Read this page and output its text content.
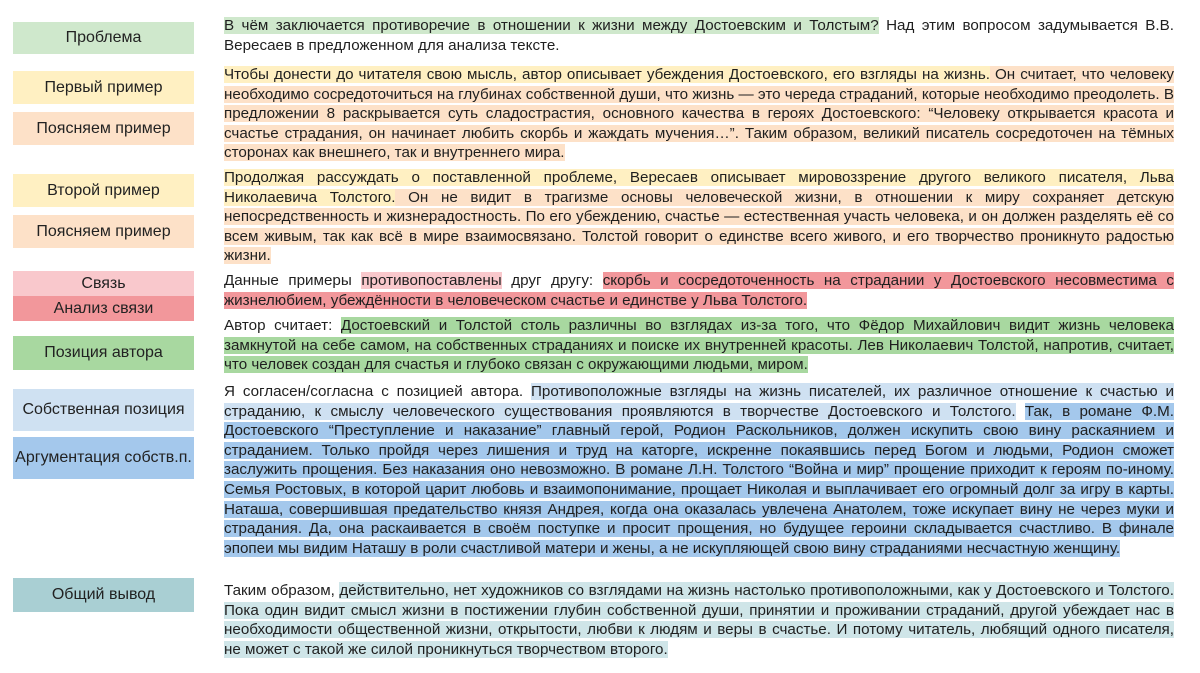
Проблема
Первый пример
Поясняем пример
Второй пример
Поясняем пример
Связь
Анализ связи
Позиция автора
Собственная позиция
Аргументация собств.п.
Общий вывод

В чём заключается противоречие в отношении к жизни между Достоевским и Толстым? Над этим вопросом задумывается В.В. Вересаев в предложенном для анализа тексте.

Чтобы донести до читателя свою мысль, автор описывает убеждения Достоевского, его взгляды на жизнь. Он считает, что человеку необходимо сосредоточиться на глубинах собственной души, что жизнь — это череда страданий, которые необходимо преодолеть. В предложении 8 раскрывается суть сладострастия, основного качества в героях Достоевского: “Человеку открывается красота и счастье страдания, он начинает любить скорбь и жаждать мучения…”. Таким образом, великий писатель сосредоточен на тёмных сторонах как внешнего, так и внутреннего мира.

Продолжая рассуждать о поставленной проблеме, Вересаев описывает мировоззрение другого великого писателя, Льва Николаевича Толстого. Он не видит в трагизме основы человеческой жизни, в отношении к миру сохраняет детскую непосредственность и жизнерадостность. По его убеждению, счастье — естественная участь человека, и он должен разделять её со всем живым, так как всё в мире взаимосвязано. Толстой говорит о единстве всего живого, и его творчество проникнуто радостью жизни.

Данные примеры противопоставлены друг другу: скорбь и сосредоточенность на страдании у Достоевского несовместима с жизнелюбием, убеждённости в человеческом счастье и единстве у Льва Толстого.

Автор считает: Достоевский и Толстой столь различны во взглядах из-за того, что Фёдор Михайлович видит жизнь человека замкнутой на себе самом, на собственных страданиях и поиске их внутренней красоты. Лев Николаевич Толстой, напротив, считает, что человек создан для счастья и глубоко связан с окружающими людьми, миром.

Я согласен/согласна с позицией автора. Противоположные взгляды на жизнь писателей, их различное отношение к счастью и страданию, к смыслу человеческого существования проявляются в творчестве Достоевского и Толстого. Так, в романе Ф.М. Достоевского “Преступление и наказание” главный герой, Родион Раскольников, должен искупить свою вину раскаянием и страданием. Только пройдя через лишения и труд на каторге, искренне покаявшись перед Богом и людьми, Родион сможет заслужить прощения. Без наказания оно невозможно. В романе Л.Н. Толстого “Война и мир” прощение приходит к героям по-иному. Семья Ростовых, в которой царит любовь и взаимопонимание, прощает Николая и выплачивает его огромный долг за игру в карты. Наташа, совершившая предательство князя Андрея, когда она оказалась увлечена Анатолем, тоже искупает вину не через муки и страдания. Да, она раскаивается в своём поступке и просит прощения, но будущее героини складывается счастливо. В финале эпопеи мы видим Наташу в роли счастливой матери и жены, а не искупляющей свою вину страданиями несчастную женщину.

Таким образом, действительно, нет художников со взглядами на жизнь настолько противоположными, как у Достоевского и Толстого. Пока один видит смысл жизни в постижении глубин собственной души, принятии и проживании страданий, другой убеждает нас в необходимости общественной жизни, открытости, любви к людям и веры в счастье. И потому читатель, любящий одного писателя, не может с такой же силой проникнуться творчеством второго.
